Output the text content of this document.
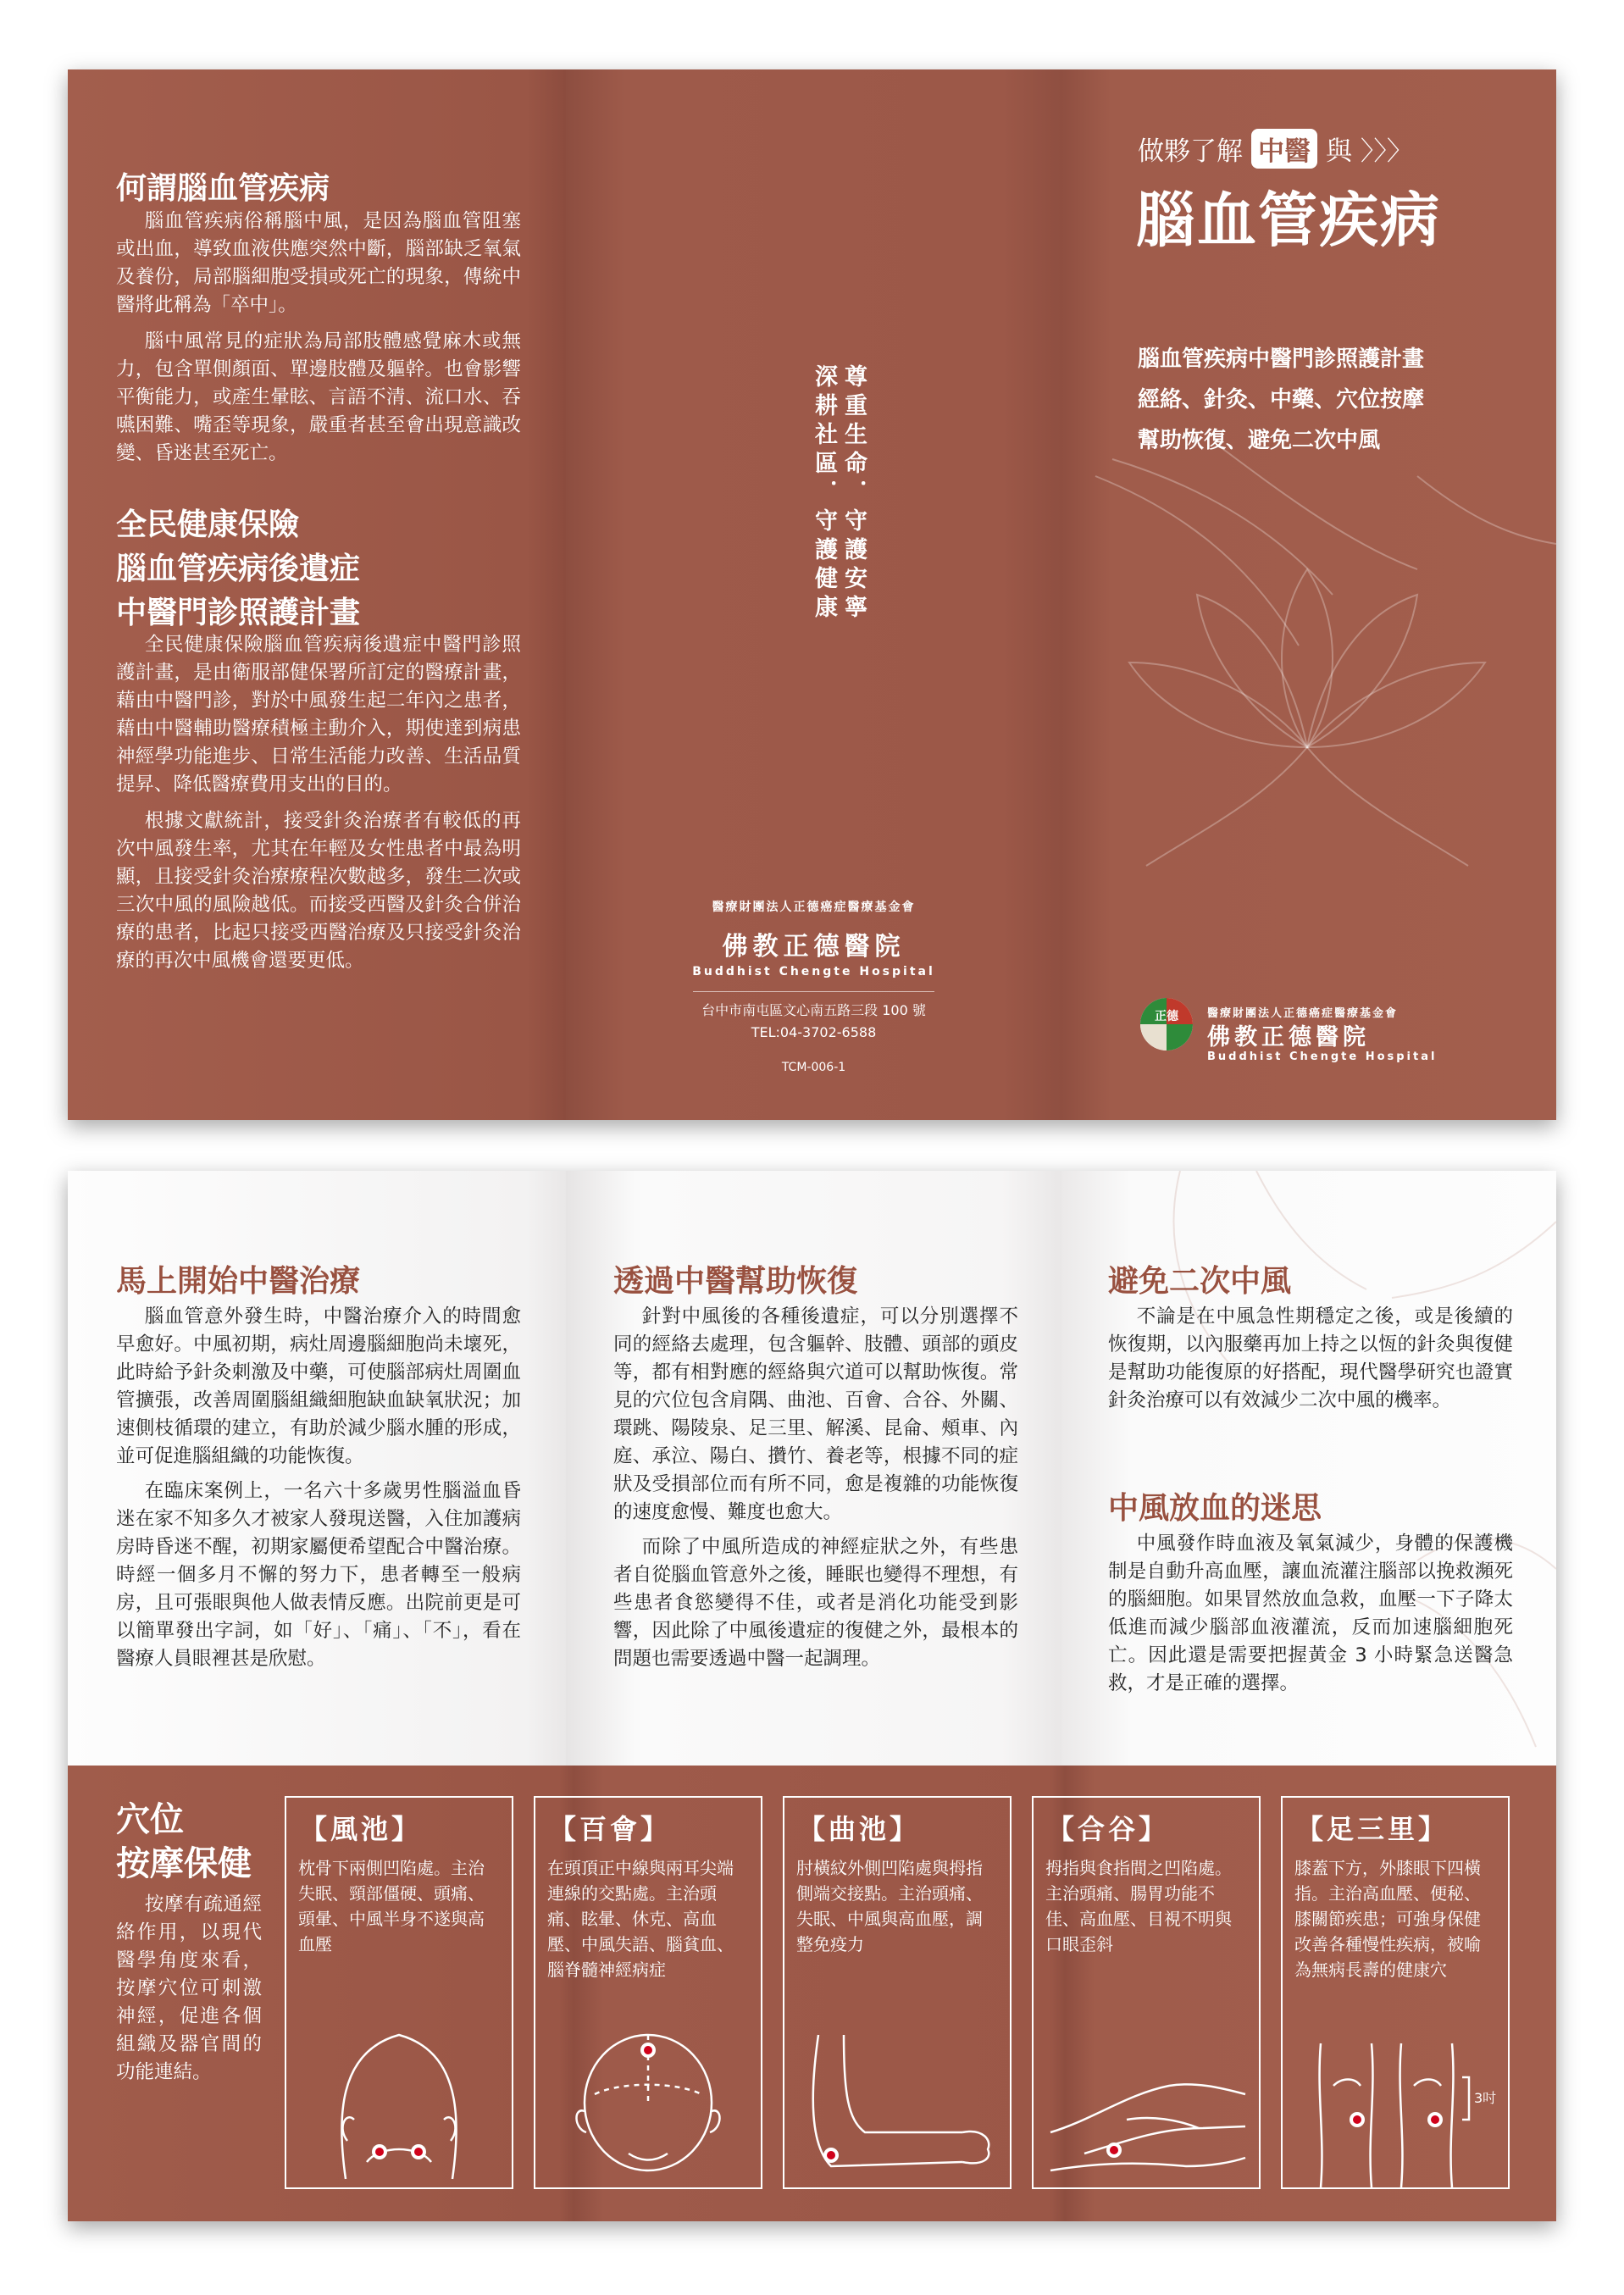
何謂腦血管疾病

腦血管疾病俗稱腦中風，是因為腦血管阻塞或出血，導致血液供應突然中斷，腦部缺乏氧氣及養份，局部腦細胞受損或死亡的現象，傳統中醫將此稱為「卒中」。

腦中風常見的症狀為局部肢體感覺麻木或無力，包含單側顏面、單邊肢體及軀幹。也會影響平衡能力，或產生暈眩、言語不清、流口水、吞嚥困難、嘴歪等現象，嚴重者甚至會出現意識改變、昏迷甚至死亡。

全民健康保險
腦血管疾病後遺症
中醫門診照護計畫

全民健康保險腦血管疾病後遺症中醫門診照護計畫，是由衛服部健保署所訂定的醫療計畫，藉由中醫門診，對於中風發生起二年內之患者，藉由中醫輔助醫療積極主動介入，期使達到病患神經學功能進步、日常生活能力改善、生活品質提昇、降低醫療費用支出的目的。

根據文獻統計，接受針灸治療者有較低的再次中風發生率，尤其在年輕及女性患者中最為明顯，且接受針灸治療療程次數越多，發生二次或三次中風的風險越低。而接受西醫及針灸合併治療的患者，比起只接受西醫治療及只接受針灸治療的再次中風機會還要更低。

尊重生命．守護安寧
深耕社區．守護健康
醫療財團法人正德癌症醫療基金會
佛教正德醫院
Buddhist Chengte Hospital
台中市南屯區文心南五路三段 100 號
TEL:04-3702-6588
TCM-006-1
做夥了解 中醫 與 〉〉〉
腦血管疾病
腦血管疾病中醫門診照護計畫
經絡、針灸、中藥、穴位按摩
幫助恢復、避免二次中風
正德	醫療財團法人正德癌症醫療基金會
佛教正德醫院
Buddhist Chengte Hospital
馬上開始中醫治療

腦血管意外發生時，中醫治療介入的時間愈早愈好。中風初期，病灶周邊腦細胞尚未壞死，此時給予針灸刺激及中藥，可使腦部病灶周圍血管擴張，改善周圍腦組織細胞缺血缺氧狀況；加速側枝循環的建立，有助於減少腦水腫的形成，並可促進腦組織的功能恢復。

在臨床案例上，一名六十多歲男性腦溢血昏迷在家不知多久才被家人發現送醫，入住加護病房時昏迷不醒，初期家屬便希望配合中醫治療。時經一個多月不懈的努力下，患者轉至一般病房，且可張眼與他人做表情反應。出院前更是可以簡單發出字詞，如「好」、「痛」、「不」，看在醫療人員眼裡甚是欣慰。

透過中醫幫助恢復

針對中風後的各種後遺症，可以分別選擇不同的經絡去處理，包含軀幹、肢體、頭部的頭皮等，都有相對應的經絡與穴道可以幫助恢復。常見的穴位包含肩隅、曲池、百會、合谷、外關、環跳、陽陵泉、足三里、解溪、昆侖、頰車、內庭、承泣、陽白、攢竹、養老等，根據不同的症狀及受損部位而有所不同，愈是複雜的功能恢復的速度愈慢、難度也愈大。

而除了中風所造成的神經症狀之外，有些患者自從腦血管意外之後，睡眠也變得不理想，有些患者食慾變得不佳，或者是消化功能受到影響，因此除了中風後遺症的復健之外，最根本的問題也需要透過中醫一起調理。

避免二次中風

不論是在中風急性期穩定之後，或是後續的恢復期，以內服藥再加上持之以恆的針灸與復健是幫助功能復原的好搭配，現代醫學研究也證實針灸治療可以有效減少二次中風的機率。

中風放血的迷思

中風發作時血液及氧氣減少，身體的保護機制是自動升高血壓，讓血流灌注腦部以挽救瀕死的腦細胞。如果冒然放血急救，血壓一下子降太低進而減少腦部血液灌流，反而加速腦細胞死亡。因此還是需要把握黃金 3 小時緊急送醫急救，才是正確的選擇。

穴位
按摩保健
按摩有疏通經絡作用，以現代醫學角度來看，按摩穴位可刺激神經，促進各個組織及器官間的功能連結。
【風池】
枕骨下兩側凹陷處。主治失眠、頸部僵硬、頭痛、頭暈、中風半身不遂與高血壓
【百會】
在頭頂正中線與兩耳尖端連線的交點處。主治頭痛、眩暈、休克、高血壓、中風失語、腦貧血、腦脊髓神經病症
【曲池】
肘橫紋外側凹陷處與拇指側端交接點。主治頭痛、失眠、中風與高血壓，調整免疫力
【合谷】
拇指與食指間之凹陷處。主治頭痛、腸胃功能不佳、高血壓、目視不明與口眼歪斜
【足三里】
膝蓋下方，外膝眼下四橫指。主治高血壓、便秘、膝關節疾患；可強身保健改善各種慢性疾病，被喻為無病長壽的健康穴
3吋
